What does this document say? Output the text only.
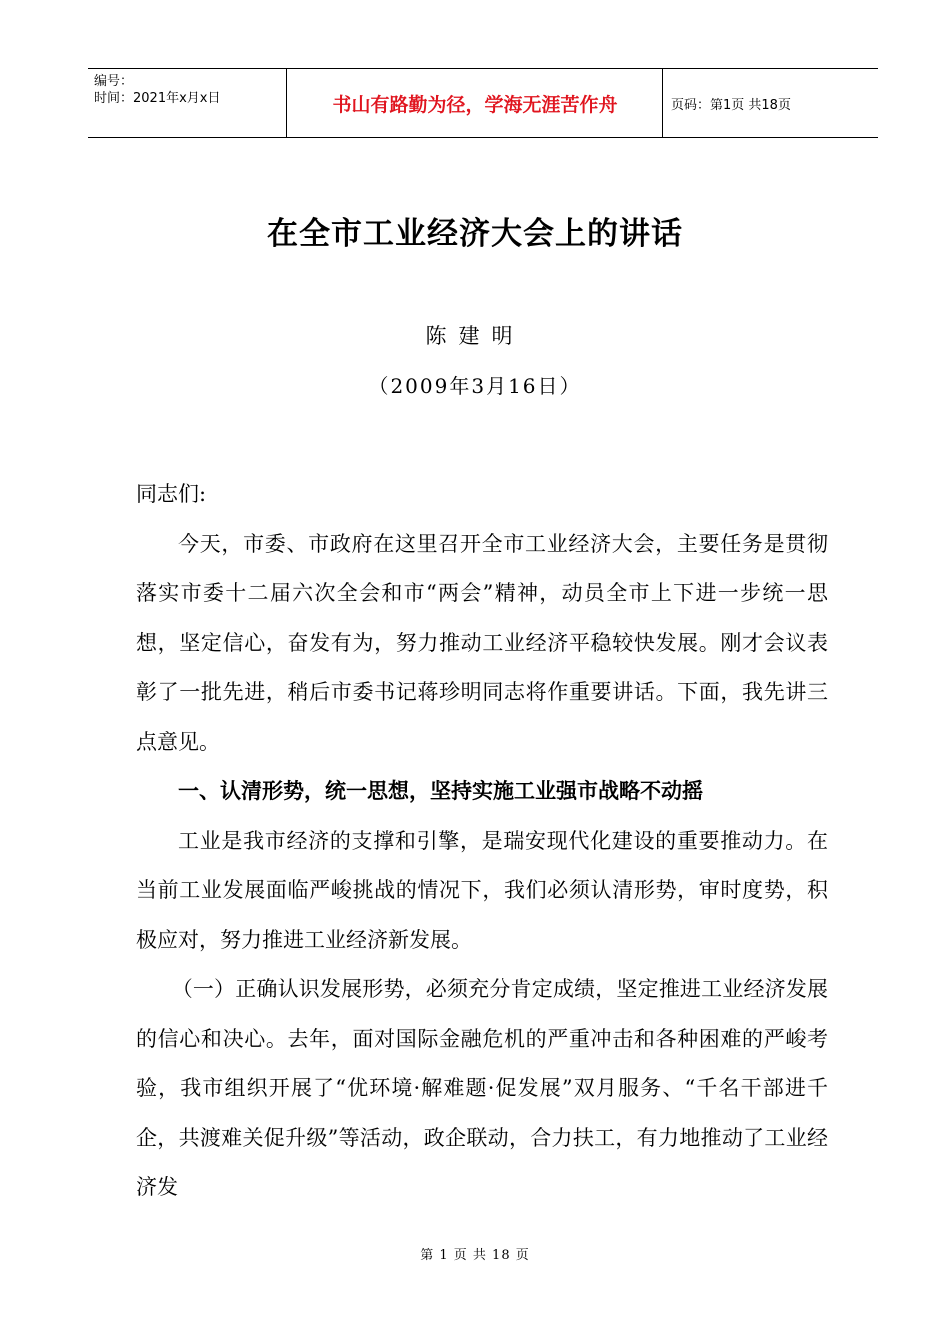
编号：
时间：2021年x月x日	书山有路勤为径，学海无涯苦作舟	页码：第1页 共18页
在全市工业经济大会上的讲话
陈建明
（2009年3月16日）

同志们:

今天，市委、市政府在这里召开全市工业经济大会，主要任务是贯彻落实市委十二届六次全会和市“两会”精神，动员全市上下进一步统一思想，坚定信心，奋发有为，努力推动工业经济平稳较快发展。刚才会议表彰了一批先进，稍后市委书记蒋珍明同志将作重要讲话。下面，我先讲三点意见。

一、认清形势，统一思想，坚持实施工业强市战略不动摇

工业是我市经济的支撑和引擎，是瑞安现代化建设的重要推动力。在当前工业发展面临严峻挑战的情况下，我们必须认清形势，审时度势，积极应对，努力推进工业经济新发展。

（一）正确认识发展形势，必须充分肯定成绩，坚定推进工业经济发展的信心和决心。去年，面对国际金融危机的严重冲击和各种困难的严峻考验，我市组织开展了“优环境·解难题·促发展”双月服务、“千名干部进千企，共渡难关促升级”等活动，政企联动，合力扶工，有力地推动了工业经济发

第 1 页 共 18 页
